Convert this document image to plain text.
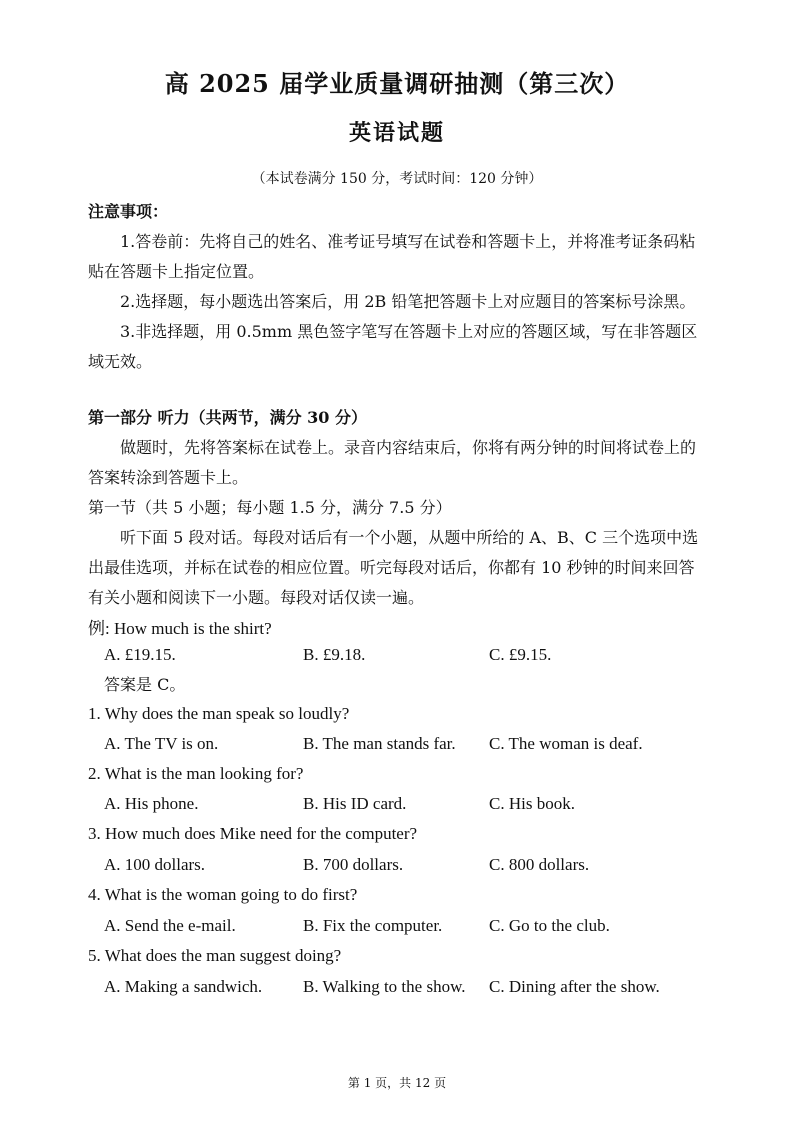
高 2025 届学业质量调研抽测（第三次）
英语试题
（本试卷满分 150 分，考试时间：120 分钟）
注意事项：
1.答卷前：先将自己的姓名、准考证号填写在试卷和答题卡上，并将准考证条码粘贴在答题卡上指定位置。
2.选择题，每小题选出答案后，用 2B 铅笔把答题卡上对应题目的答案标号涂黑。
3.非选择题，用 0.5mm 黑色签字笔写在答题卡上对应的答题区域，写在非答题区域无效。
第一部分 听力（共两节，满分 30 分）
做题时，先将答案标在试卷上。录音内容结束后，你将有两分钟的时间将试卷上的答案转涂到答题卡上。
第一节（共 5 小题；每小题 1.5 分，满分 7.5 分）
听下面 5 段对话。每段对话后有一个小题，从题中所给的 A、B、C 三个选项中选出最佳选项，并标在试卷的相应位置。听完每段对话后，你都有 10 秒钟的时间来回答有关小题和阅读下一小题。每段对话仅读一遍。
例: How much is the shirt?
A. £19.15.	B. £9.18.	C. £9.15.
答案是 C。
1. Why does the man speak so loudly?
A. The TV is on.	B. The man stands far. C. The woman is deaf.
2. What is the man looking for?
A. His phone.	B. His ID card.	C. His book.
3. How much does Mike need for the computer?
A. 100 dollars.	B. 700 dollars.	C. 800 dollars.
4. What is the woman going to do first?
A. Send the e-mail.	B. Fix the computer.	C. Go to the club.
5. What does the man suggest doing?
A. Making a sandwich. B. Walking to the show. C. Dining after the show.
第 1 页，共 12 页
